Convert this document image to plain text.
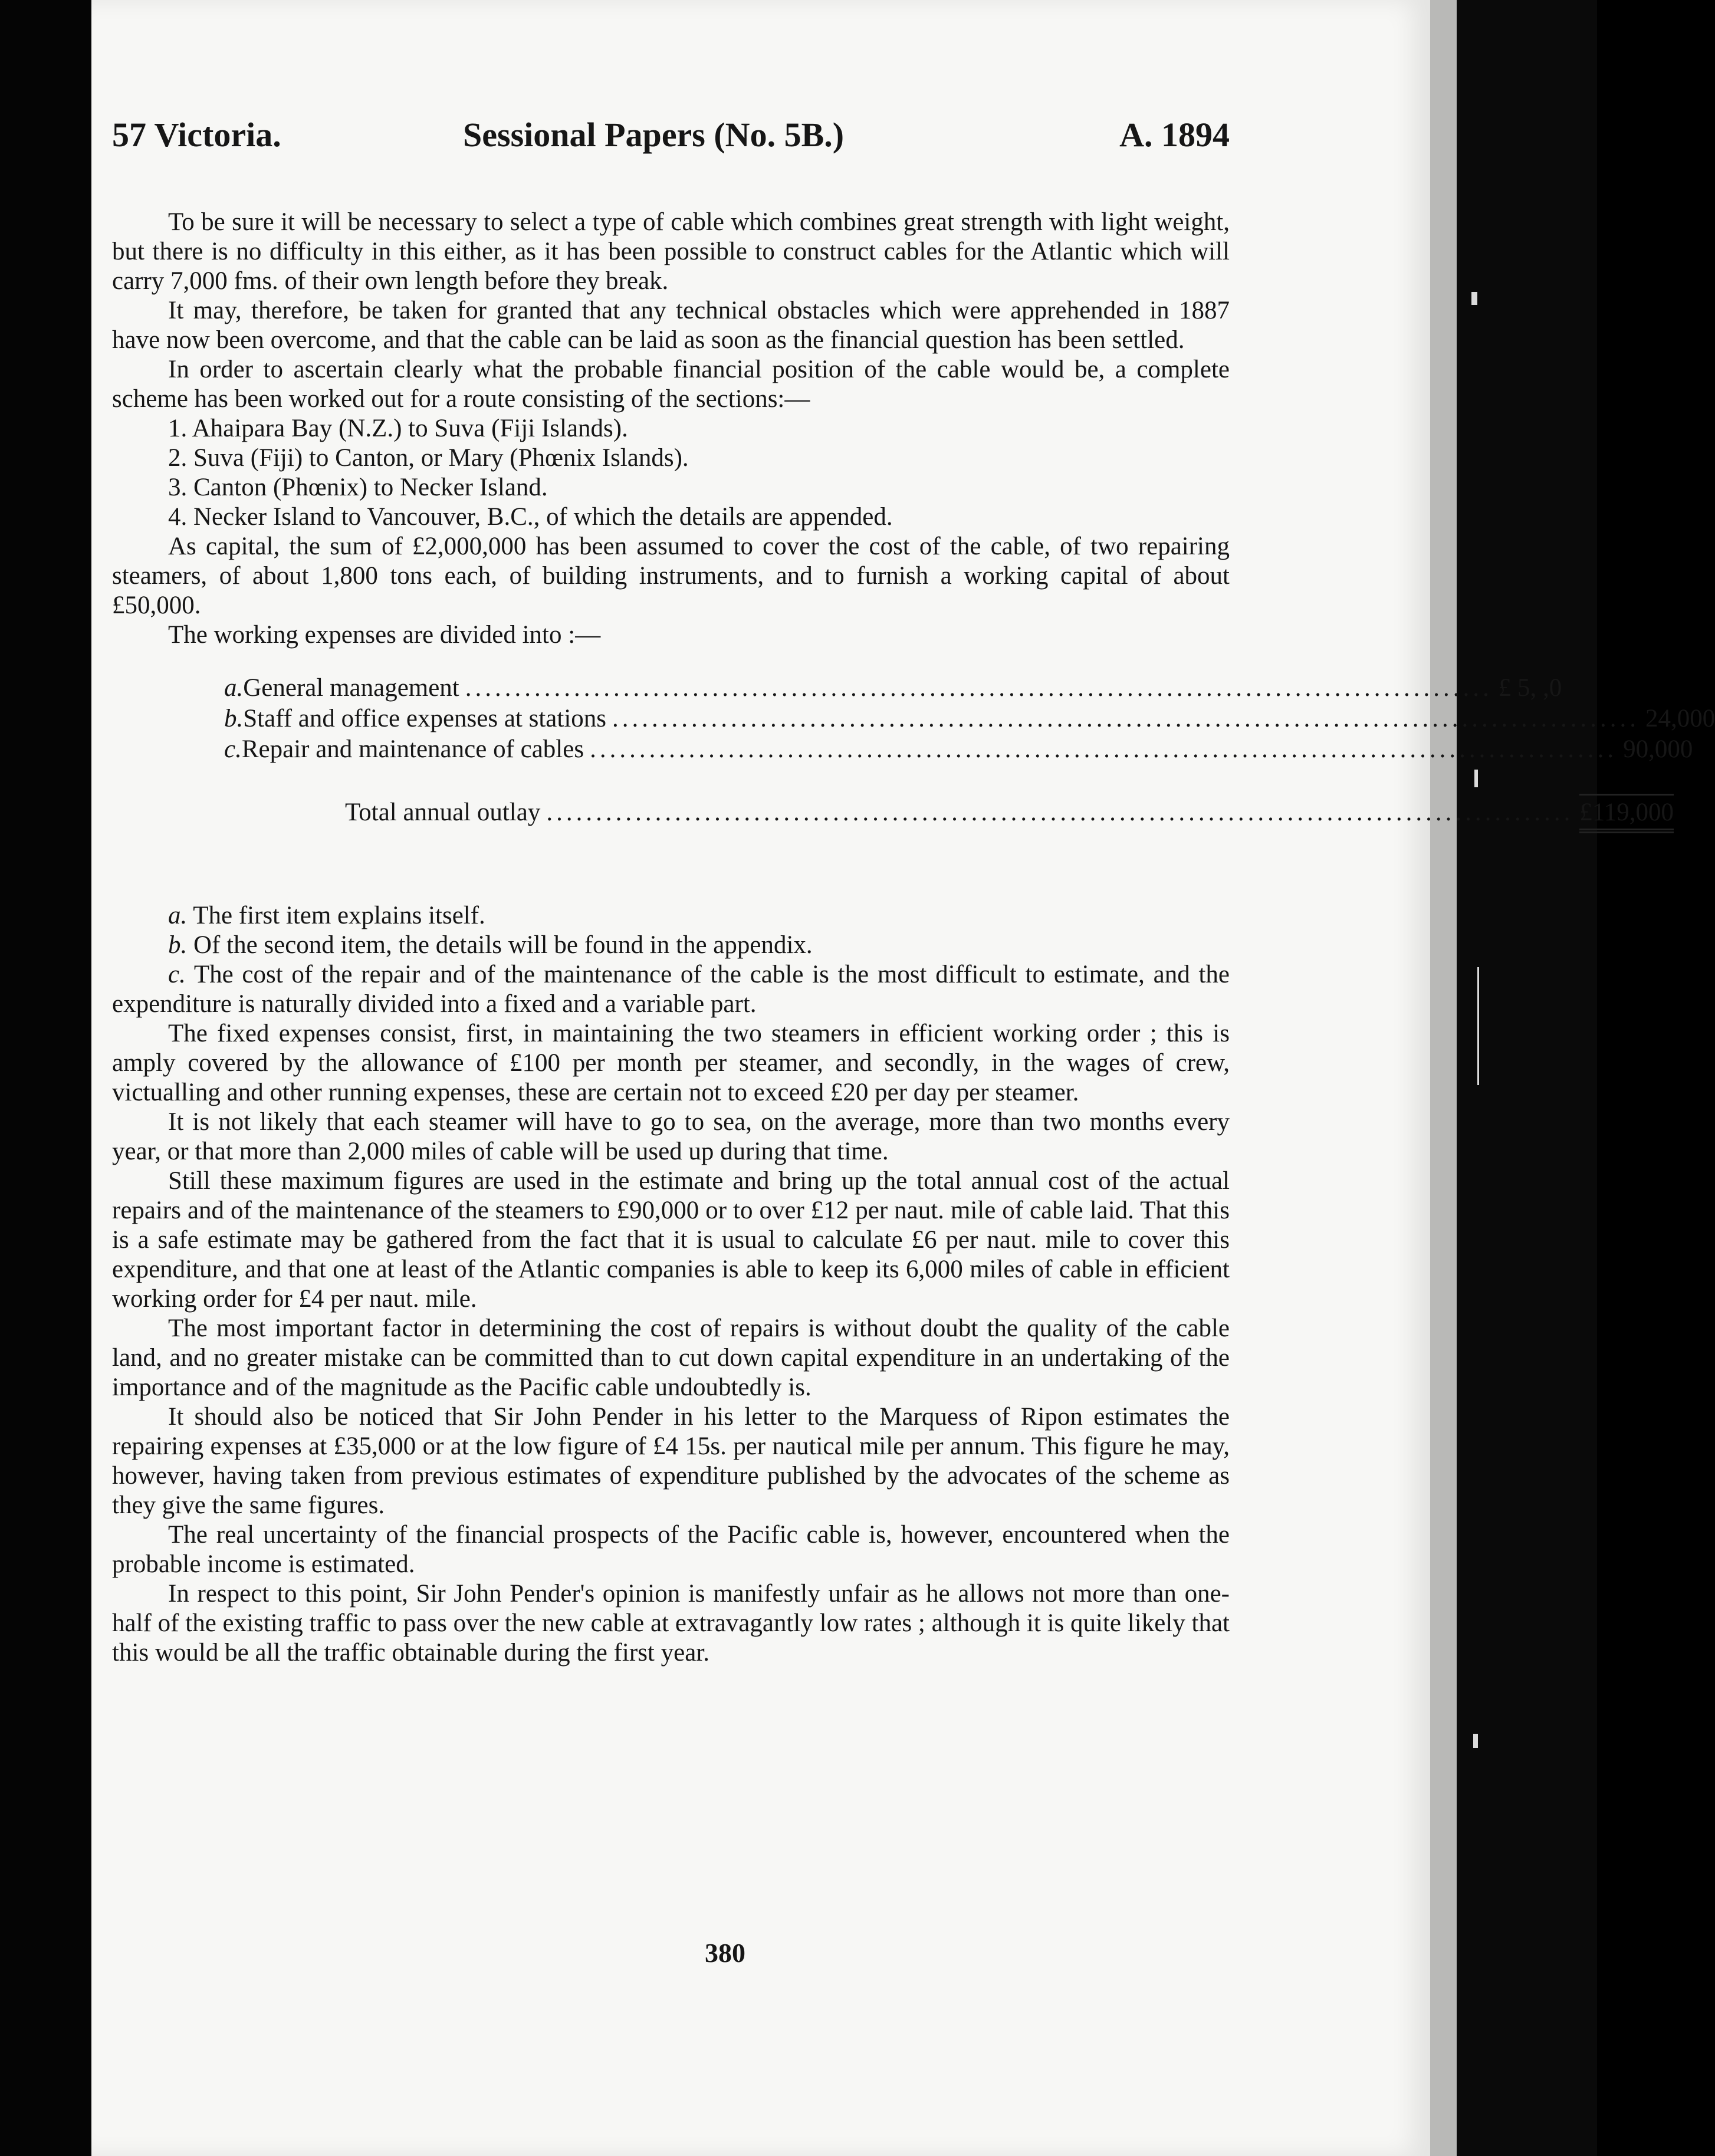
57 Victoria.	Sessional Papers (No. 5B.)	A. 1894

To be sure it will be necessary to select a type of cable which combines great strength with light weight, but there is no difficulty in this either, as it has been possible to construct cables for the Atlantic which will carry 7,000 fms. of their own length before they break.

It may, therefore, be taken for granted that any technical obstacles which were apprehended in 1887 have now been overcome, and that the cable can be laid as soon as the financial question has been settled.

In order to ascertain clearly what the probable financial position of the cable would be, a complete scheme has been worked out for a route consisting of the sections:—

1. Ahaipara Bay (N.Z.) to Suva (Fiji Islands).
2. Suva (Fiji) to Canton, or Mary (Phœnix Islands).
3. Canton (Phœnix) to Necker Island.
4. Necker Island to Vancouver, B.C., of which the details are appended.

As capital, the sum of £2,000,000 has been assumed to cover the cost of the cable, of two repairing steamers, of about 1,800 tons each, of building instruments, and to furnish a working capital of about £50,000.

The working expenses are divided into :—

a. General management ........................................................................................................ £ 5, ,0
b. Staff and office expenses at stations ........................................................................................................ 24,000
c. Repair and maintenance of cables ........................................................................................................ 90,000
Total annual outlay ........................................................................................................ £119,000

a. The first item explains itself.

b. Of the second item, the details will be found in the appendix.

c. The cost of the repair and of the maintenance of the cable is the most difficult to estimate, and the expenditure is naturally divided into a fixed and a variable part.

The fixed expenses consist, first, in maintaining the two steamers in efficient working order ; this is amply covered by the allowance of £100 per month per steamer, and secondly, in the wages of crew, victualling and other running expenses, these are certain not to exceed £20 per day per steamer.

It is not likely that each steamer will have to go to sea, on the average, more than two months every year, or that more than 2,000 miles of cable will be used up during that time.

Still these maximum figures are used in the estimate and bring up the total annual cost of the actual repairs and of the maintenance of the steamers to £90,000 or to over £12 per naut. mile of cable laid. That this is a safe estimate may be gathered from the fact that it is usual to calculate £6 per naut. mile to cover this expenditure, and that one at least of the Atlantic companies is able to keep its 6,000 miles of cable in efficient working order for £4 per naut. mile.

The most important factor in determining the cost of repairs is without doubt the quality of the cable land, and no greater mistake can be committed than to cut down capital expenditure in an undertaking of the importance and of the magnitude as the Pacific cable undoubtedly is.

It should also be noticed that Sir John Pender in his letter to the Marquess of Ripon estimates the repairing expenses at £35,000 or at the low figure of £4 15s. per nautical mile per annum. This figure he may, however, having taken from previous estimates of expenditure published by the advocates of the scheme as they give the same figures.

The real uncertainty of the financial prospects of the Pacific cable is, however, encountered when the probable income is estimated.

In respect to this point, Sir John Pender's opinion is manifestly unfair as he allows not more than one-half of the existing traffic to pass over the new cable at extravagantly low rates ; although it is quite likely that this would be all the traffic obtainable during the first year.

380
